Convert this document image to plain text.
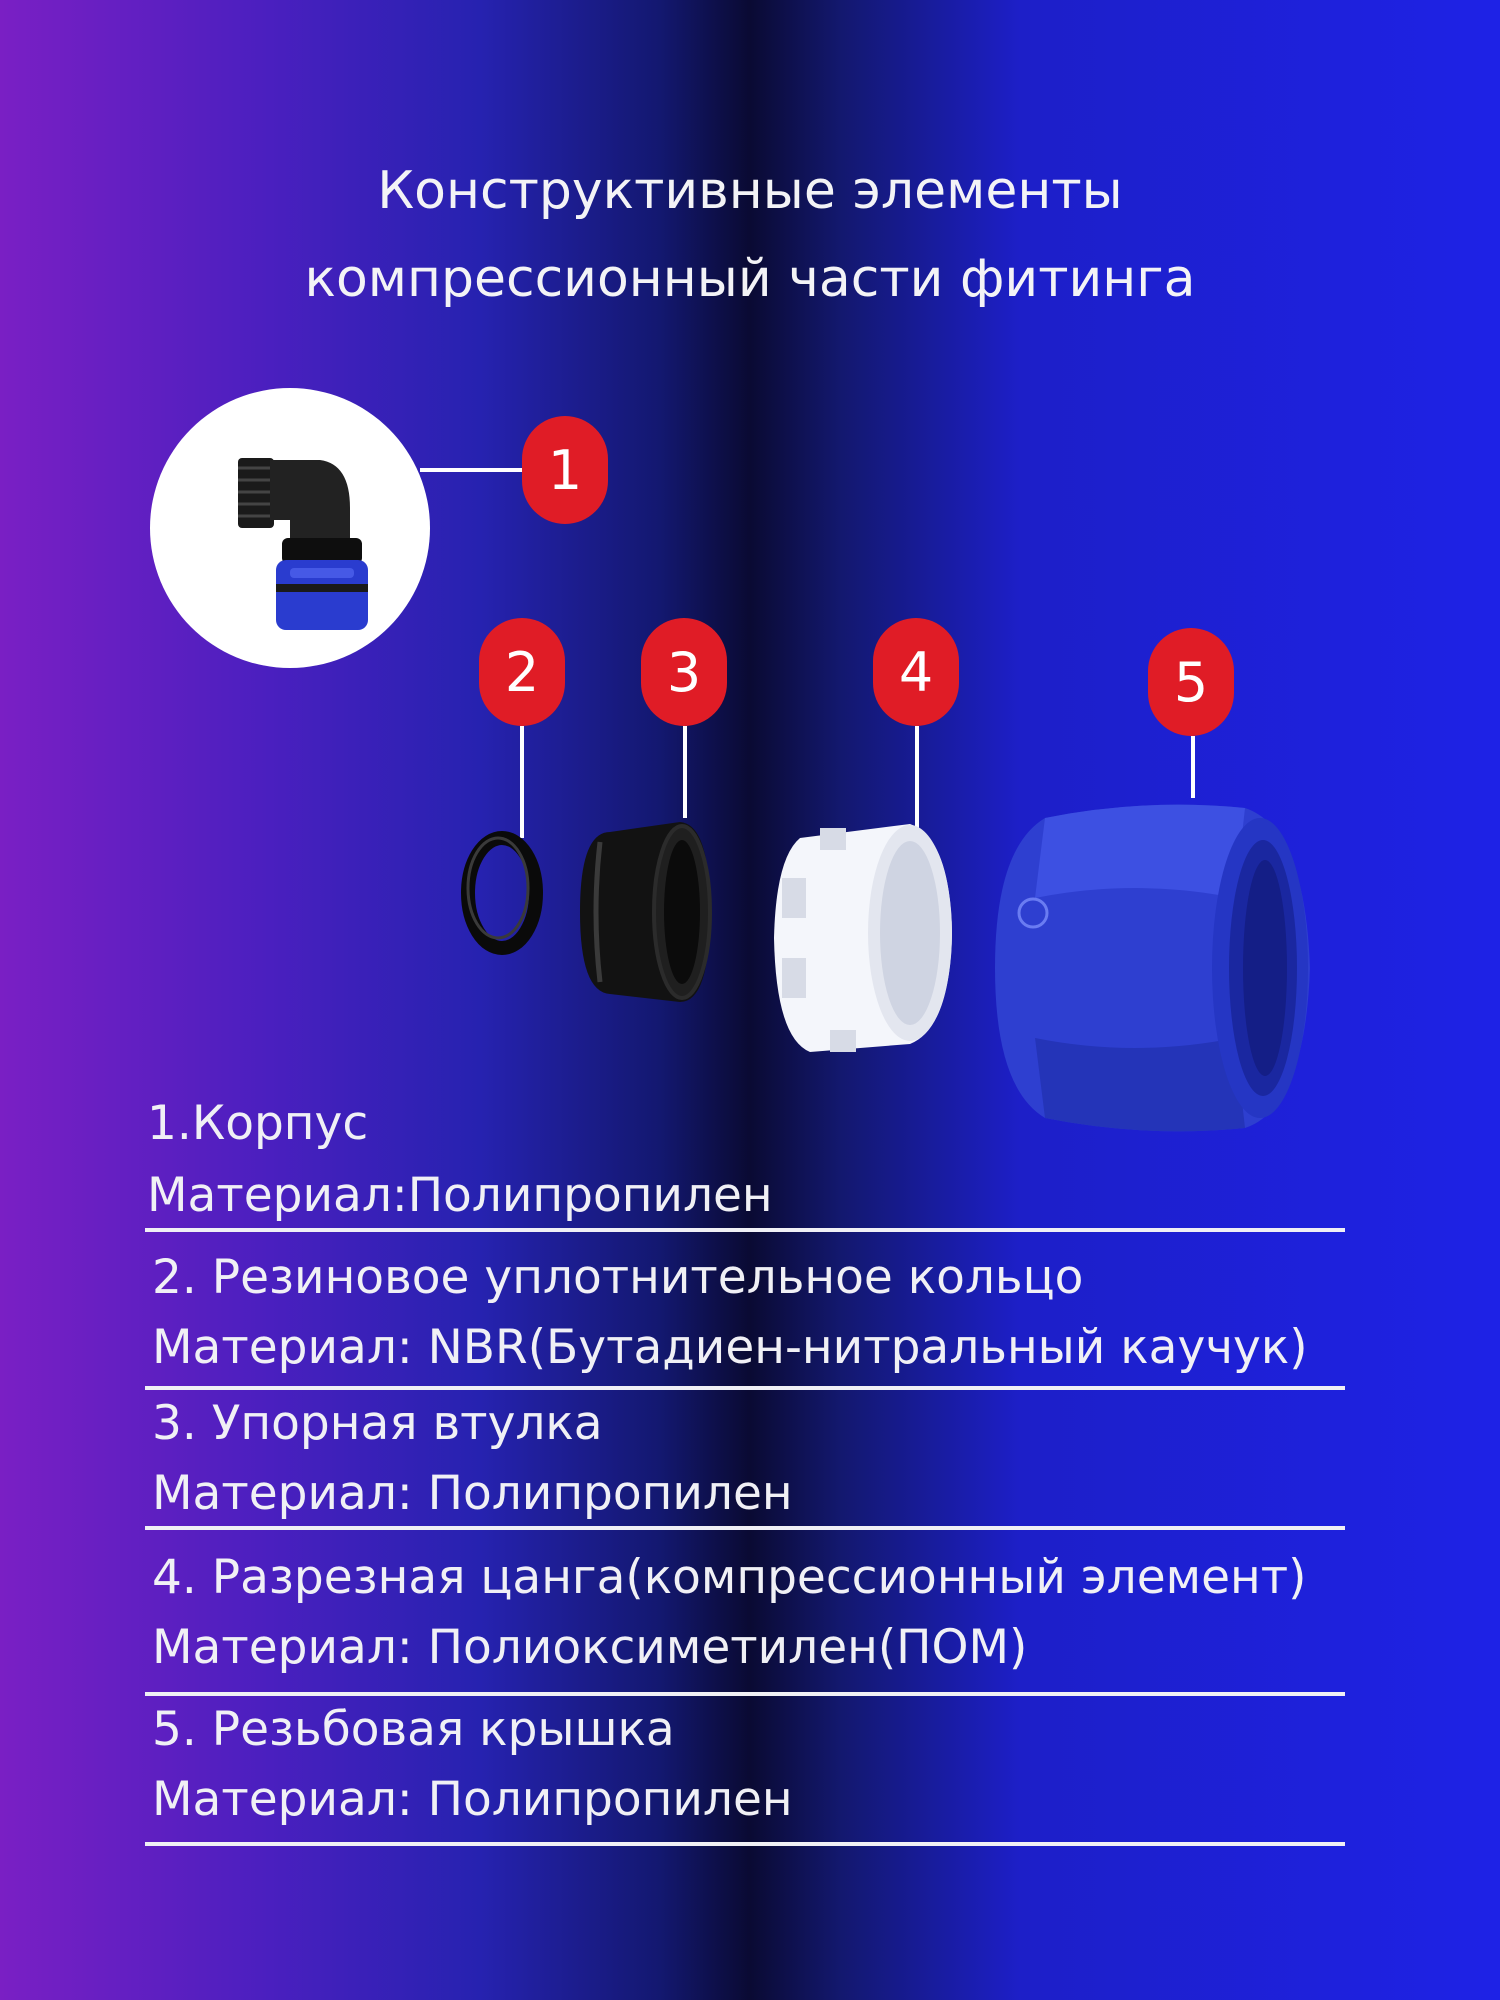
Конструктивные элементы
компрессионный части фитинга
1
2	3	4	5
1.Корпус
Материал:Полипропилен
2. Резиновое уплотнительное кольцо
Материал: NBR(Бутадиен-нитральный каучук)
3. Упорная втулка
Материал: Полипропилен
4. Разрезная цанга(компрессионный элемент)
Материал: Полиоксиметилен(ПОМ)
5. Резьбовая крышка
Материал: Полипропилен
